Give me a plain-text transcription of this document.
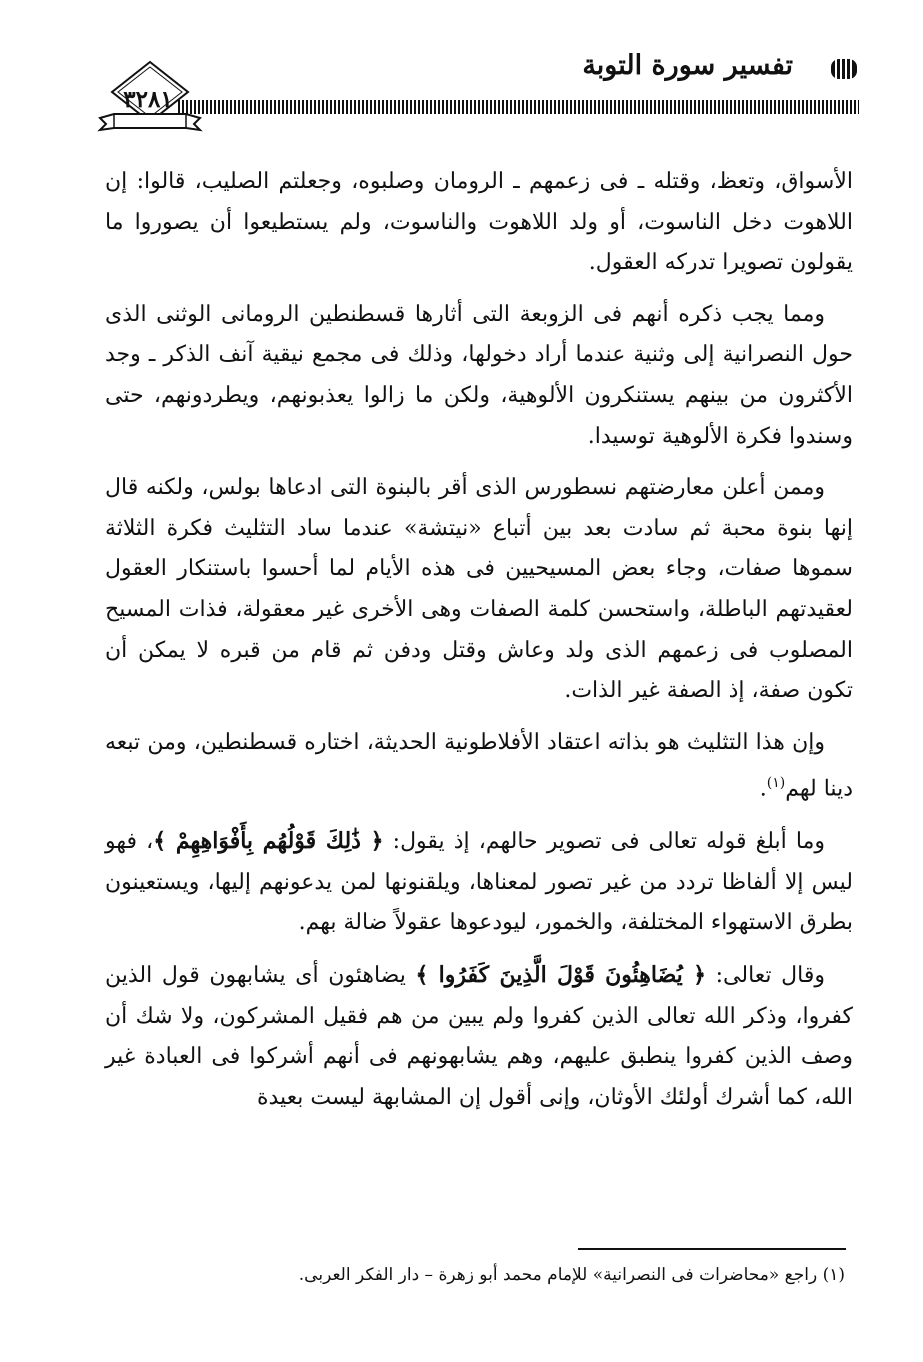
تفسير سورة التوبة
٣٢٨١

الأسواق، وتعظ، وقتله ـ فى زعمهم ـ الرومان وصلبوه، وجعلتم الصليب، قالوا: إن اللاهوت دخل الناسوت، أو ولد اللاهوت والناسوت، ولم يستطيعوا أن يصوروا ما يقولون تصويرا تدركه العقول.

ومما يجب ذكره أنهم فى الزوبعة التى أثارها قسطنطين الرومانى الوثنى الذى حول النصرانية إلى وثنية عندما أراد دخولها، وذلك فى مجمع نيقية آنف الذكر ـ وجد الأكثرون من بينهم يستنكرون الألوهية، ولكن ما زالوا يعذبونهم، ويطردونهم، حتى وسندوا فكرة الألوهية توسيدا.

وممن أعلن معارضتهم نسطورس الذى أقر بالبنوة التى ادعاها بولس، ولكنه قال إنها بنوة محبة ثم سادت بعد بين أتباع «نيتشة» عندما ساد التثليث فكرة الثلاثة سموها صفات، وجاء بعض المسيحيين فى هذه الأيام لما أحسوا باستنكار العقول لعقيدتهم الباطلة، واستحسن كلمة الصفات وهى الأخرى غير معقولة، فذات المسيح المصلوب فى زعمهم الذى ولد وعاش وقتل ودفن ثم قام من قبره لا يمكن أن تكون صفة، إذ الصفة غير الذات.

وإن هذا التثليث هو بذاته اعتقاد الأفلاطونية الحديثة، اختاره قسطنطين، ومن تبعه دينا لهم$^{(١)}$.

وما أبلغ قوله تعالى فى تصوير حالهم، إذ يقول: ﴿ ذَٰلِكَ قَوْلُهُم بِأَفْوَاهِهِمْ ﴾، فهو ليس إلا ألفاظا تردد من غير تصور لمعناها، ويلقنونها لمن يدعونهم إليها، ويستعينون بطرق الاستهواء المختلفة، والخمور، ليودعوها عقولاً ضالة بهم.

وقال تعالى: ﴿ يُضَاهِئُونَ قَوْلَ الَّذِينَ كَفَرُوا ﴾ يضاهئون أى يشابهون قول الذين كفروا، وذكر الله تعالى الذين كفروا ولم يبين من هم فقيل المشركون، ولا شك أن وصف الذين كفروا ينطبق عليهم، وهم يشابهونهم فى أنهم أشركوا فى العبادة غير الله، كما أشرك أولئك الأوثان، وإنى أقول إن المشابهة ليست بعيدة

(١) راجع «محاضرات فى النصرانية» للإمام محمد أبو زهرة – دار الفكر العربى.
